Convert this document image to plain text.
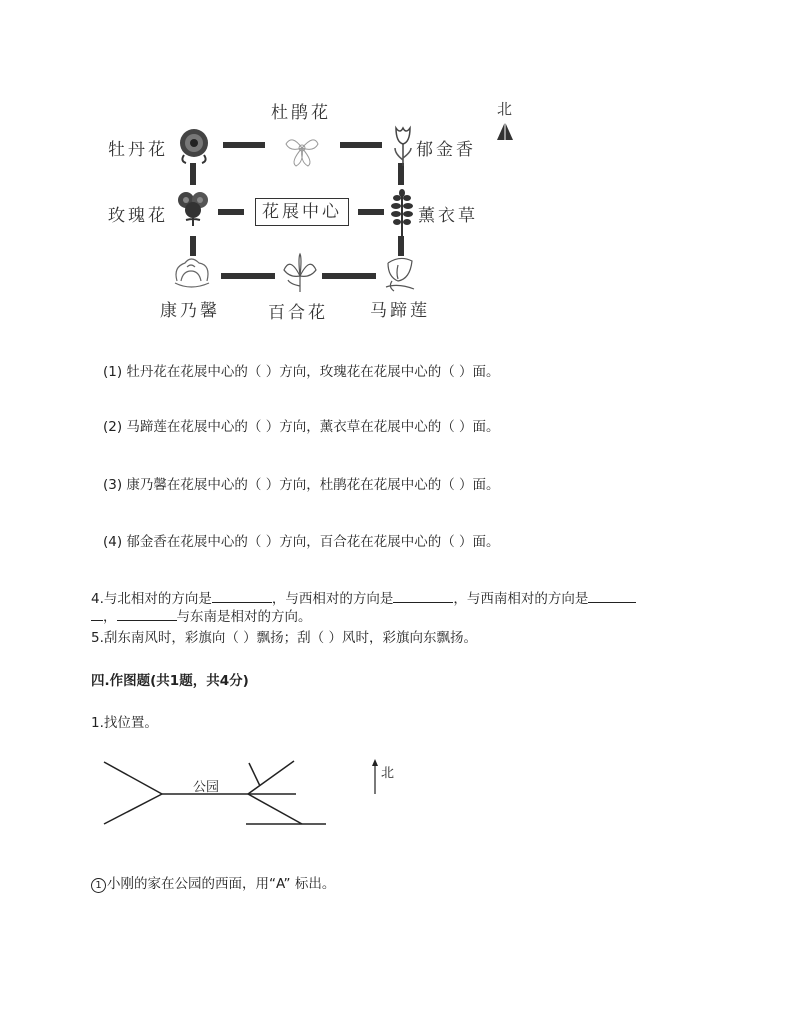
北
杜鹃花
牡丹花	郁金香
玫瑰花	花展中心	薰衣草
康乃馨	百合花 马蹄莲
(1) 牡丹花在花展中心的（ ）方向，玫瑰花在花展中心的（ ）面。
(2) 马蹄莲在花展中心的（ ）方向，薰衣草在花展中心的（ ）面。
(3) 康乃馨在花展中心的（ ）方向，杜鹃花在花展中心的（ ）面。
(4) 郁金香在花展中心的（ ）方向，百合花在花展中心的（ ）面。
4.与北相对的方向是	，与西相对的方向是	，与西南相对的方向是
，	与东南是相对的方向。
5.刮东南风时，彩旗向（ ）飘扬；刮（ ）风时，彩旗向东飘扬。
四.作图题(共1题，共4分)
1.找位置。
公园
北
1 小刚的家在公园的西面，用“A” 标出。
